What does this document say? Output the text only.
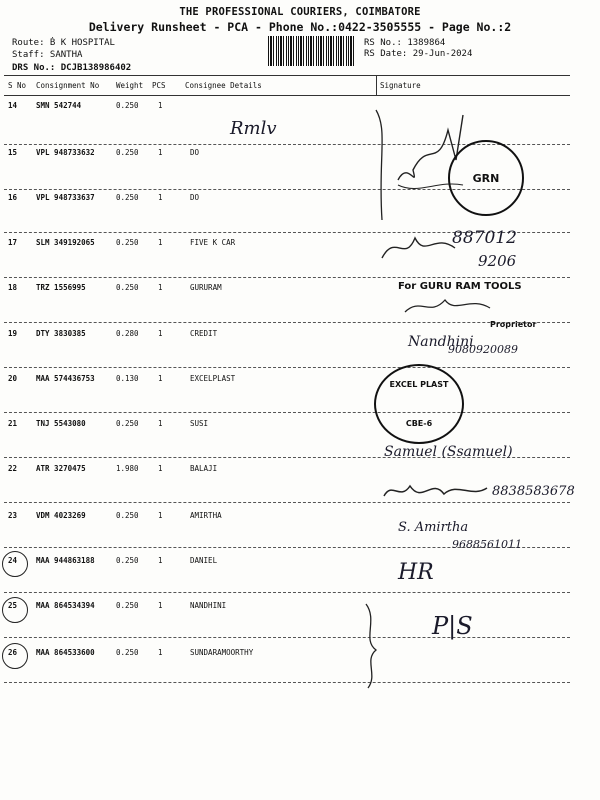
THE PROFESSIONAL COURIERS, COIMBATORE
Delivery Runsheet - PCA - Phone No.:0422-3505555 - Page No.:2
Route: Ḃ K HOSPITAL
Staff: SANTHA
DRS No.: DCJB138986402
RS No.: 1389864
RS Date: 29-Jun-2024
S No Consignment No Weight PCS	Consignee Details	Signature
14	SMN 542744	0.250	1
15	VPL 948733632	0.250	1	DO
16	VPL 948733637	0.250	1	DO
17	SLM 349192065	0.250	1	FIVE K CAR
18	TRZ 1556995	0.250	1	GURURAM
19	DTY 3830385	0.280	1	CREDIT
20	MAA 574436753	0.130	1	EXCELPLAST
21	TNJ 5543080	0.250	1	SUSI
22	ATR 3270475	1.980	1	BALAJI
23	VDM 4023269	0.250	1	AMIRTHA
24	MAA 944863188	0.250	1	DANIEL
25	MAA 864534394	0.250	1	NANDHINI
26	MAA 864533600	0.250	1	SUNDARAMOORTHY
Rmlv
GRN
887012
9206
For GURU RAM TOOLS
Proprietor
Nandhini
9080920089
EXCEL PLAST
CBE-6
Samuel (Ssamuel)
8838583678
S. Amirtha
9688561011
HR
P|S
